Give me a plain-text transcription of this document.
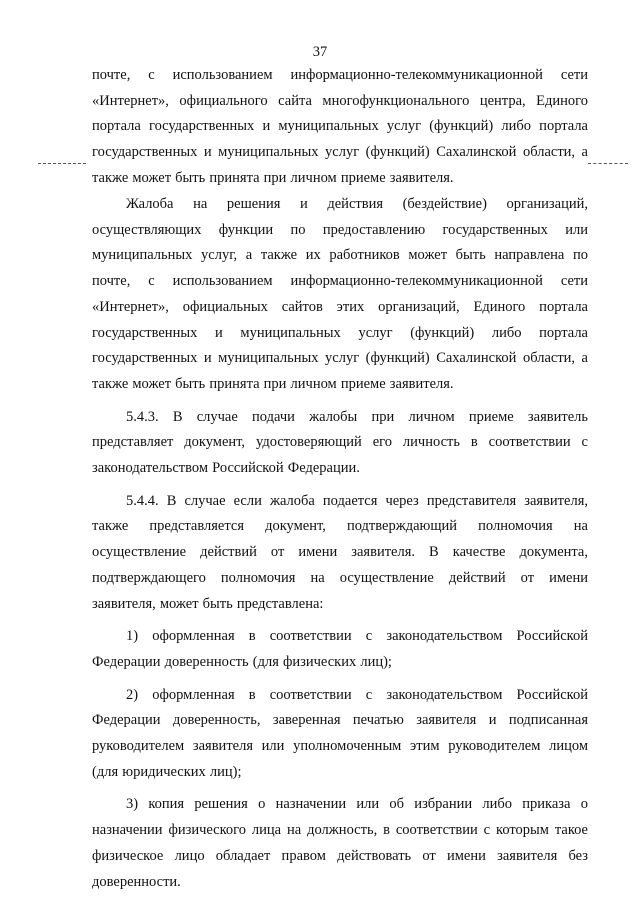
37

почте, с использованием информационно-телекоммуникационной сети «Интернет», официального сайта многофункционального центра, Единого портала государственных и муниципальных услуг (функций) либо портала государственных и муниципальных услуг (функций) Сахалинской области, а также может быть принята при личном приеме заявителя.

Жалоба на решения и действия (бездействие) организаций, осуществляющих функции по предоставлению государственных или муниципальных услуг, а также их работников может быть направлена по почте, с использованием информационно-телекоммуникационной сети «Интернет», официальных сайтов этих организаций, Единого портала государственных и муниципальных услуг (функций) либо портала государственных и муниципальных услуг (функций) Сахалинской области, а также может быть принята при личном приеме заявителя.

5.4.3. В случае подачи жалобы при личном приеме заявитель представляет документ, удостоверяющий его личность в соответствии с законодательством Российской Федерации.

5.4.4. В случае если жалоба подается через представителя заявителя, также представляется документ, подтверждающий полномочия на осуществление действий от имени заявителя. В качестве документа, подтверждающего полномочия на осуществление действий от имени заявителя, может быть представлена:

1) оформленная в соответствии с законодательством Российской Федерации доверенность (для физических лиц);

2) оформленная в соответствии с законодательством Российской Федерации доверенность, заверенная печатью заявителя и подписанная руководителем заявителя или уполномоченным этим руководителем лицом (для юридических лиц);

3) копия решения о назначении или об избрании либо приказа о назначении физического лица на должность, в соответствии с которым такое физическое лицо обладает правом действовать от имени заявителя без доверенности.
